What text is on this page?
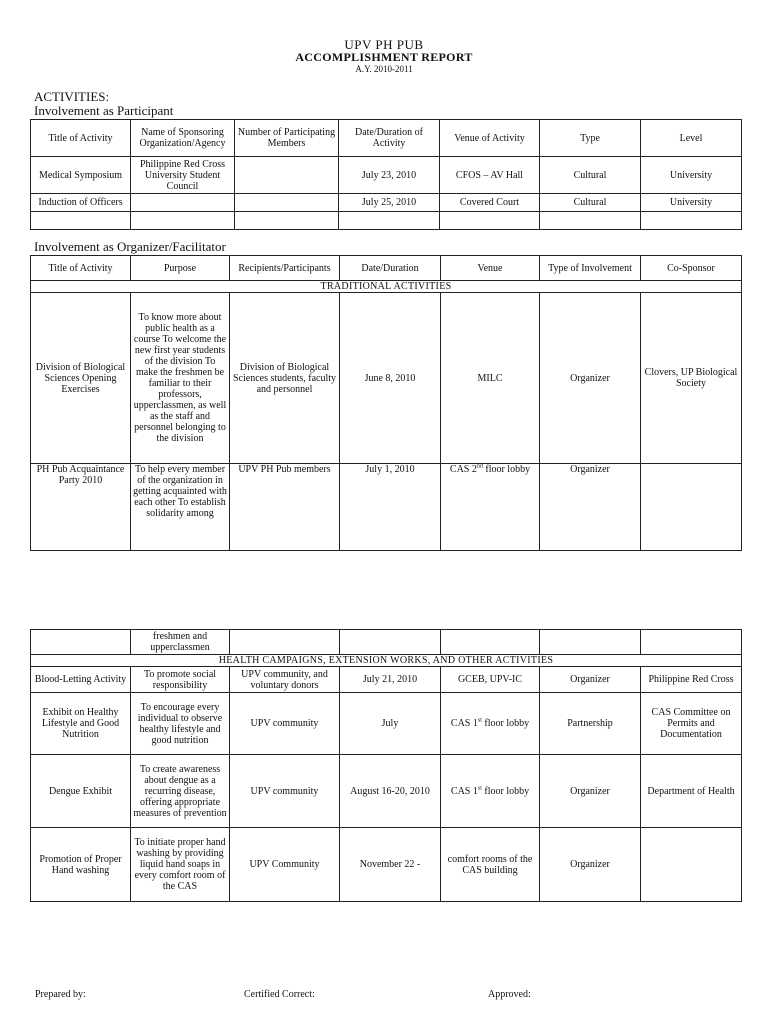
UPV PH PUB
ACCOMPLISHMENT REPORT
A.Y. 2010-2011
ACTIVITIES:
Involvement as Participant
Title of Activity	Name of Sponsoring Organization/Agency	Number of Participating Members	Date/Duration of Activity	Venue of Activity	Type	Level
Medical Symposium	Philippine Red Cross University Student Council		July 23, 2010	CFOS – AV Hall	Cultural	University
Induction of Officers			July 25, 2010	Covered Court	Cultural	University

Involvement as Organizer/Facilitator
Title of Activity	Purpose	Recipients/Participants	Date/Duration	Venue	Type of Involvement	Co-Sponsor
TRADITIONAL ACTIVITIES						
Division of Biological Sciences Opening Exercises	To know more about public health as a course To welcome the new first year students of the division To make the freshmen be familiar to their professors, upperclassmen, as well as the staff and personnel belonging to the division	Division of Biological Sciences students, faculty and personnel	June 8, 2010	MILC	Organizer	Clovers, UP Biological Society
PH Pub Acquaintance Party 2010	To help every member of the organization in getting acquainted with each other To establish solidarity among	UPV PH Pub members	July 1, 2010	CAS 2nd floor lobby	Organizer	
	freshmen and upperclassmen					
HEALTH CAMPAIGNS, EXTENSION WORKS, AND OTHER ACTIVITIES						
Blood-Letting Activity	To promote social responsibility	UPV community, and voluntary donors	July 21, 2010	GCEB, UPV-IC	Organizer	Philippine Red Cross
Exhibit on Healthy Lifestyle and Good Nutrition	To encourage every individual to observe healthy lifestyle and good nutrition	UPV community	July	CAS 1st floor lobby	Partnership	CAS Committee on Permits and Documentation
Dengue Exhibit	To create awareness about dengue as a recurring disease, offering appropriate measures of prevention	UPV community	August 16-20, 2010	CAS 1st floor lobby	Organizer	Department of Health
Promotion of Proper Hand washing	To initiate proper hand washing by providing liquid hand soaps in every comfort room of the CAS	UPV Community	November 22 -	comfort rooms of the CAS building	Organizer	
Prepared by:	Certified Correct:	Approved:
